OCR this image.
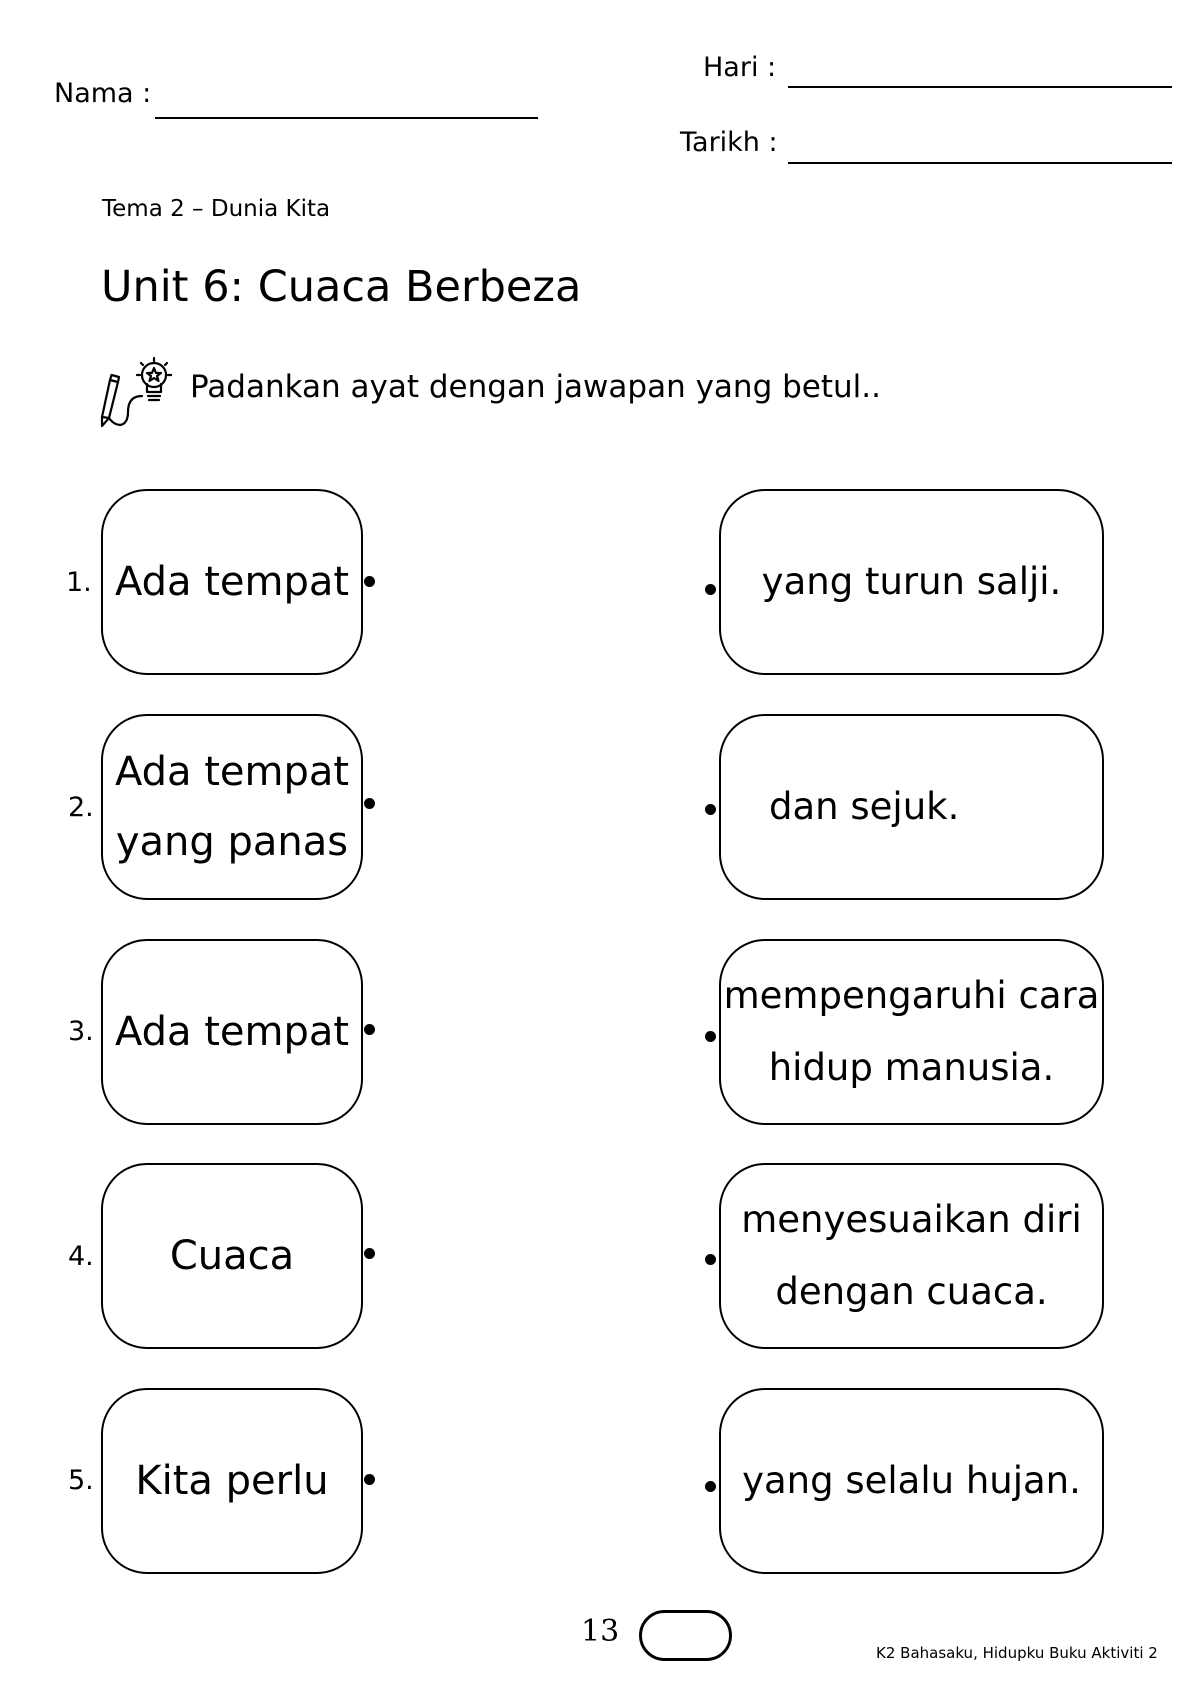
Nama :
Hari :
Tarikh :
Tema 2 – Dunia Kita
Unit 6: Cuaca Berbeza
Padankan ayat dengan jawapan yang betul..
1. Ada tempat	yang turun salji.
2.
Ada tempat
yang panas
dan sejuk.
3. Ada tempat
mempengaruhi cara
hidup manusia.
4. Cuaca
menyesuaikan diri
dengan cuaca.
5. Kita perlu	yang selalu hujan.
13
K2 Bahasaku, Hidupku Buku Aktiviti 2
